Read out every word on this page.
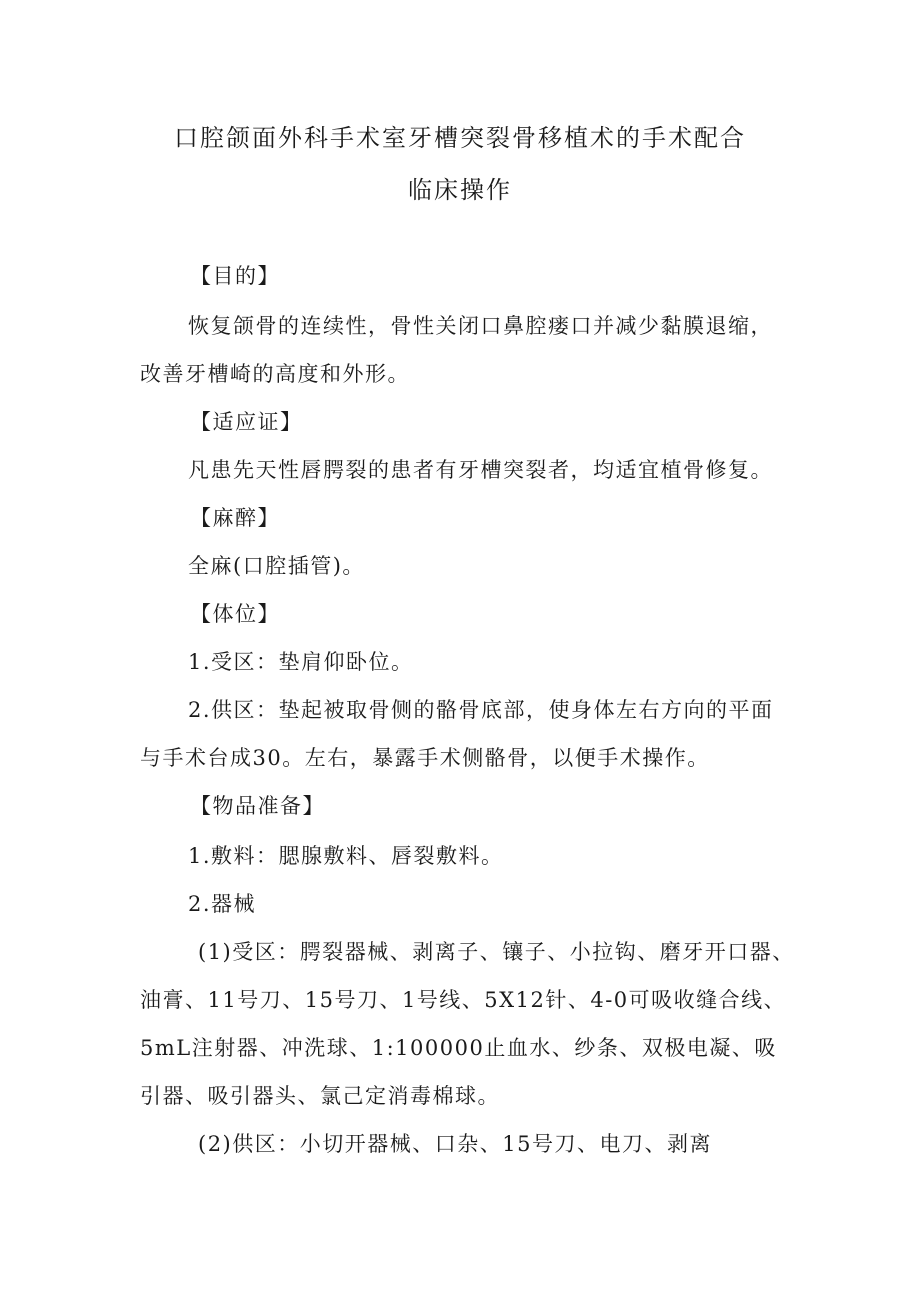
口腔颌面外科手术室牙槽突裂骨移植术的手术配合
临床操作
【目的】
恢复颌骨的连续性，骨性关闭口鼻腔瘘口并减少黏膜退缩，
改善牙槽崎的高度和外形。
【适应证】
凡患先天性唇腭裂的患者有牙槽突裂者，均适宜植骨修复。
【麻醉】
全麻(口腔插管)。
【体位】
1.受区：垫肩仰卧位。
2.供区：垫起被取骨侧的骼骨底部，使身体左右方向的平面
与手术台成30。左右，暴露手术侧骼骨，以便手术操作。
【物品准备】
1.敷料：腮腺敷料、唇裂敷料。
2.器械
(1)受区：腭裂器械、剥离子、镶子、小拉钩、磨牙开口器、
油膏、11号刀、15号刀、1号线、5X12针、4-0可吸收缝合线、
5mL注射器、冲洗球、1:100000止血水、纱条、双极电凝、吸
引器、吸引器头、氯己定消毒棉球。
(2)供区：小切开器械、口杂、15号刀、电刀、剥离
